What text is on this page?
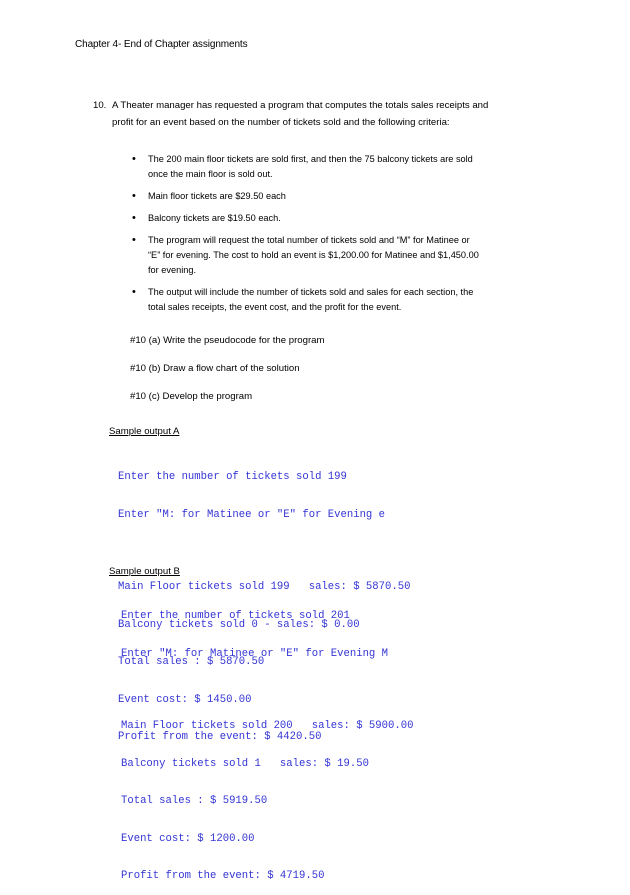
Chapter 4- End of Chapter assignments
10. A Theater manager has requested a program that computes the totals sales receipts and profit for an event based on the number of tickets sold and the following criteria:
• The 200 main floor tickets are sold first, and then the 75 balcony tickets are sold once the main floor is sold out.
• Main floor tickets are $29.50 each
• Balcony tickets are $19.50 each.
• The program will request the total number of tickets sold and “M” for Matinee or “E” for evening. The cost to hold an event is $1,200.00 for Matinee and $1,450.00 for evening.
• The output will include the number of tickets sold and sales for each section, the total sales receipts, the event cost, and the profit for the event.
#10 (a) Write the pseudocode for the program
#10 (b) Draw a flow chart of the solution
#10 (c) Develop the program
Sample output A

Enter the number of tickets sold 199

Enter "M: for Matinee or "E" for Evening e

Main Floor tickets sold 199   sales: $ 5870.50

Balcony tickets sold 0 - sales: $ 0.00

Total sales : $ 5870.50

Event cost: $ 1450.00

Profit from the event: $ 4420.50

Sample output B

Enter the number of tickets sold 201

Enter "M: for Matinee or "E" for Evening M

Main Floor tickets sold 200   sales: $ 5900.00

Balcony tickets sold 1   sales: $ 19.50

Total sales : $ 5919.50

Event cost: $ 1200.00

Profit from the event: $ 4719.50
